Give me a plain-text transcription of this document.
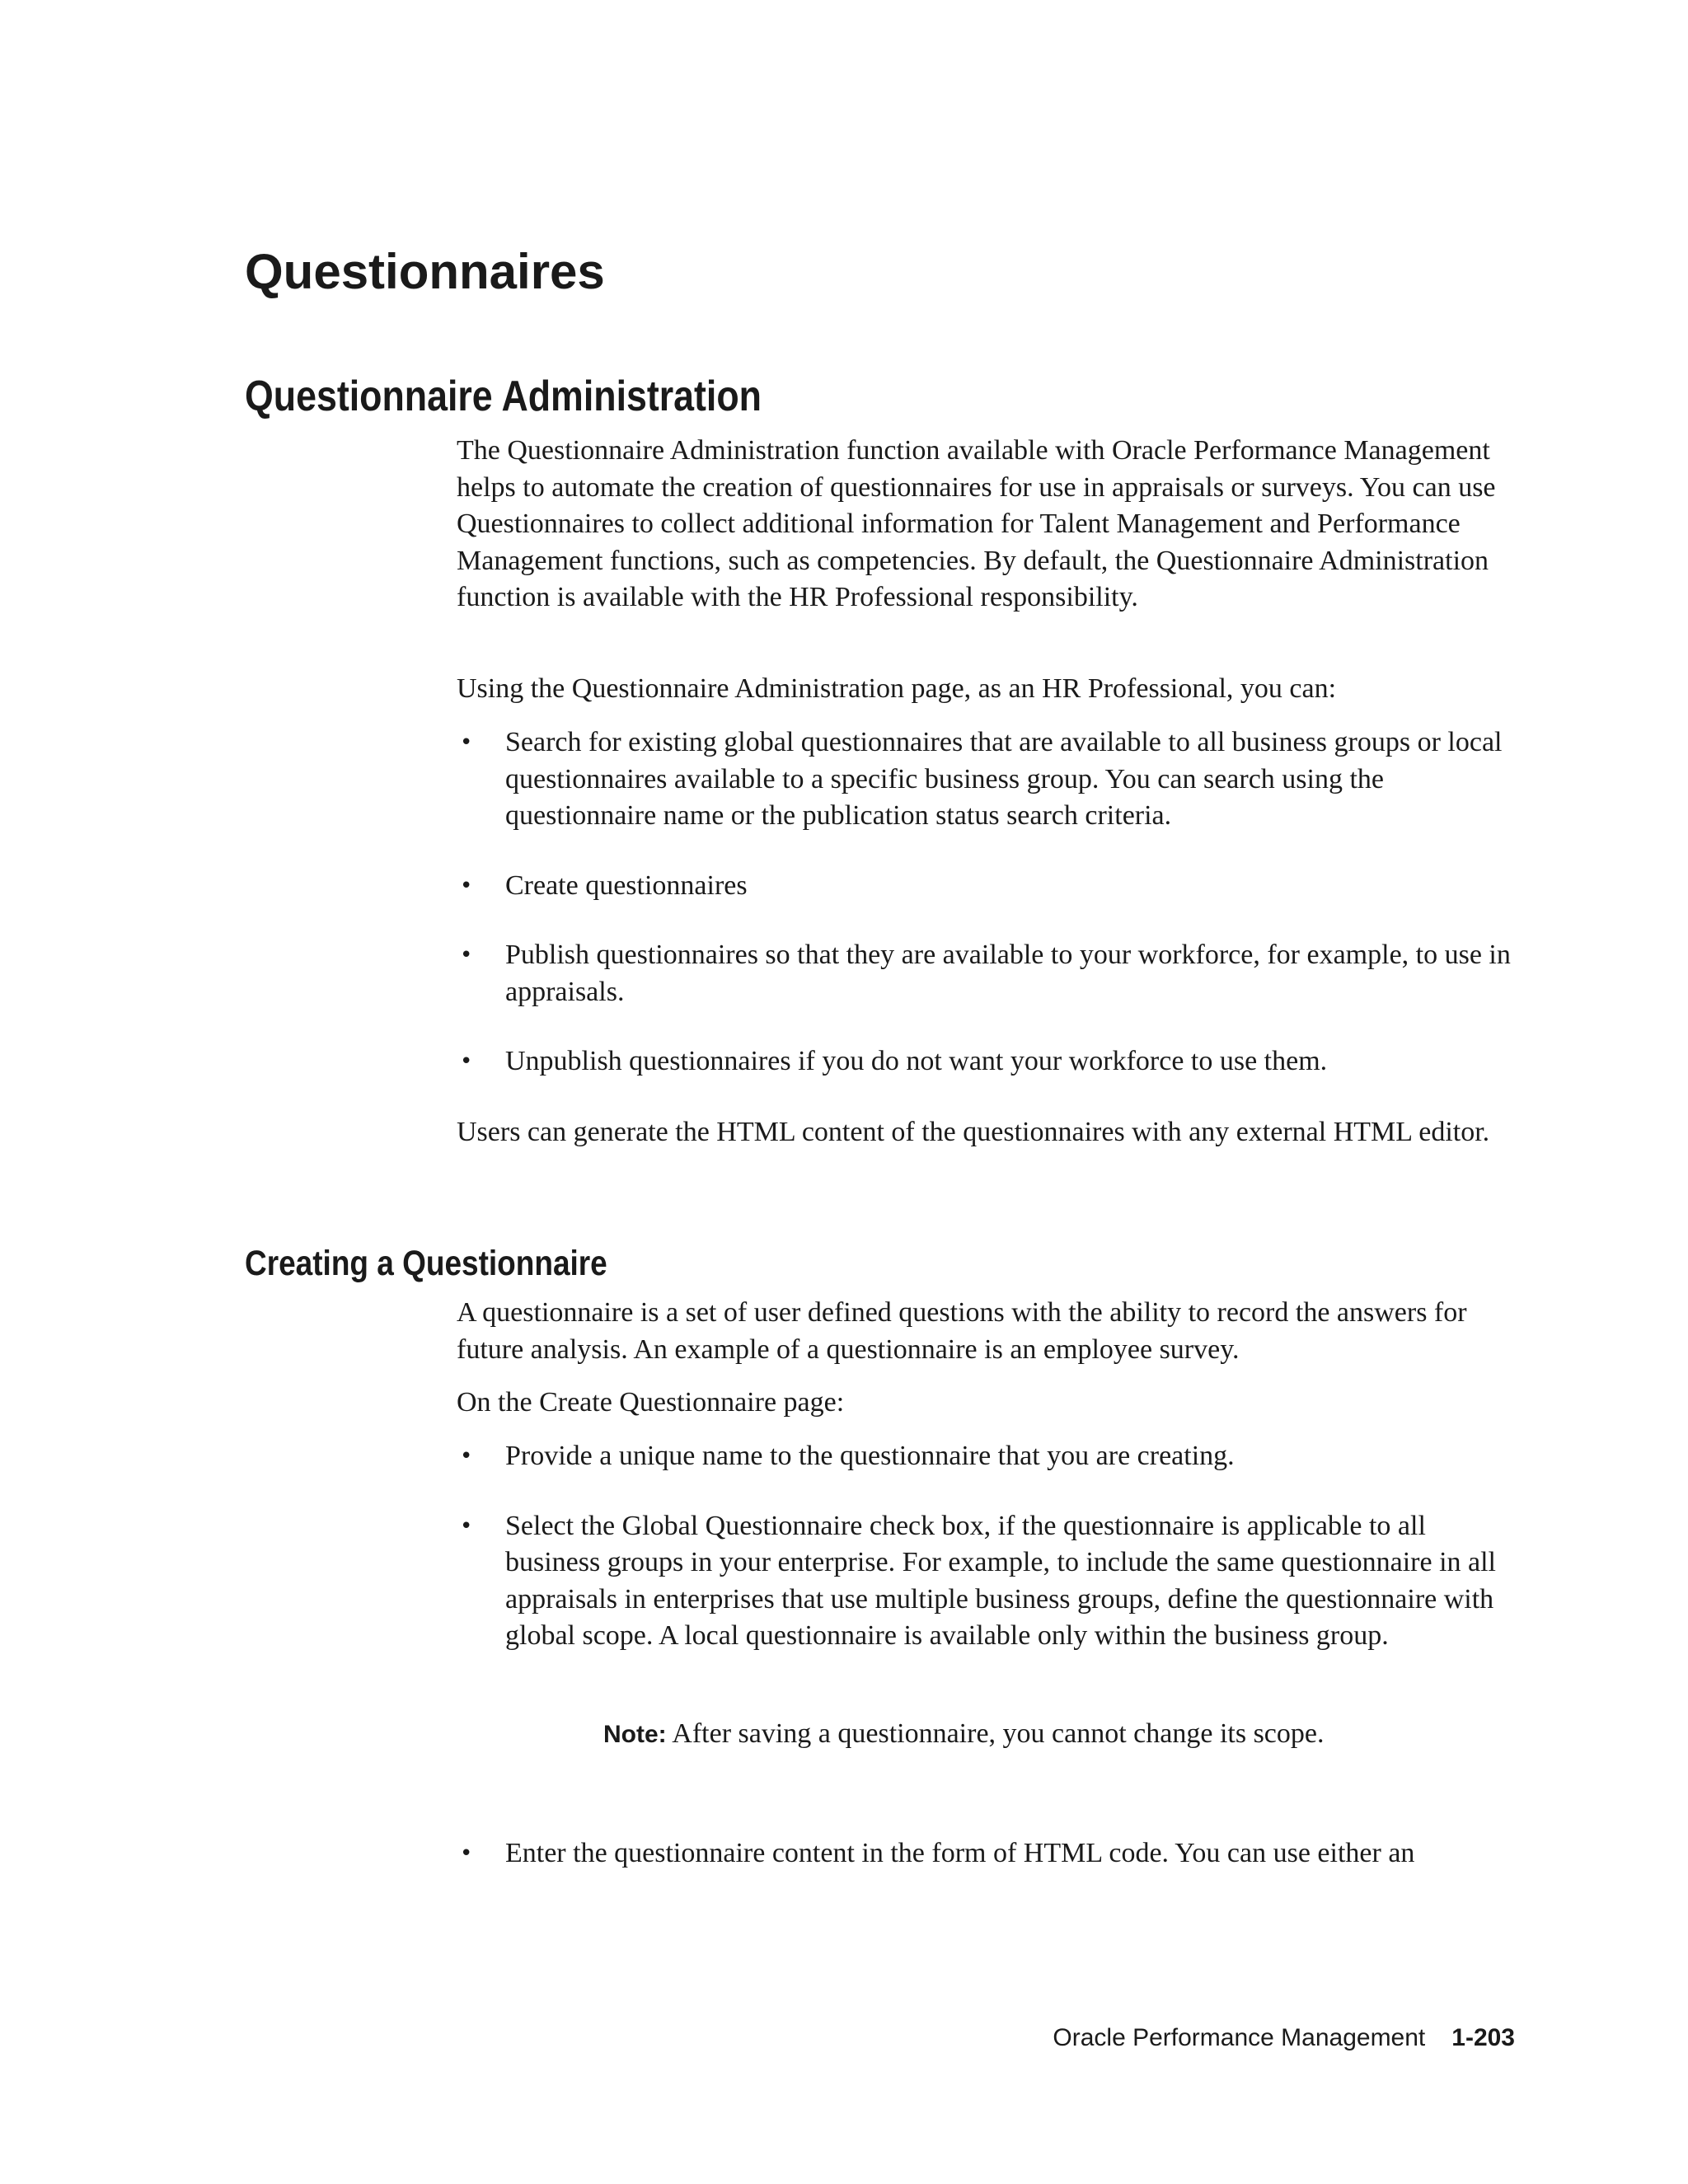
Questionnaires
Questionnaire Administration

The Questionnaire Administration function available with Oracle Performance Management helps to automate the creation of questionnaires for use in appraisals or surveys. You can use Questionnaires to collect additional information for Talent Management and Performance Management functions, such as competencies. By default, the Questionnaire Administration function is available with the HR Professional responsibility.

Using the Questionnaire Administration page, as an HR Professional, you can:

• Search for existing global questionnaires that are available to all business groups or local questionnaires available to a specific business group. You can search using the questionnaire name or the publication status search criteria.
• Create questionnaires
• Publish questionnaires so that they are available to your workforce, for example, to use in appraisals.
• Unpublish questionnaires if you do not want your workforce to use them.

Users can generate the HTML content of the questionnaires with any external HTML editor.

Creating a Questionnaire

A questionnaire is a set of user defined questions with the ability to record the answers for future analysis. An example of a questionnaire is an employee survey.

On the Create Questionnaire page:

• Provide a unique name to the questionnaire that you are creating.
• Select the Global Questionnaire check box, if the questionnaire is applicable to all business groups in your enterprise. For example, to include the same questionnaire in all appraisals in enterprises that use multiple business groups, define the questionnaire with global scope. A local questionnaire is available only within the business group.
Note: After saving a questionnaire, you cannot change its scope.
• Enter the questionnaire content in the form of HTML code. You can use either an
Oracle Performance Management 1-203
